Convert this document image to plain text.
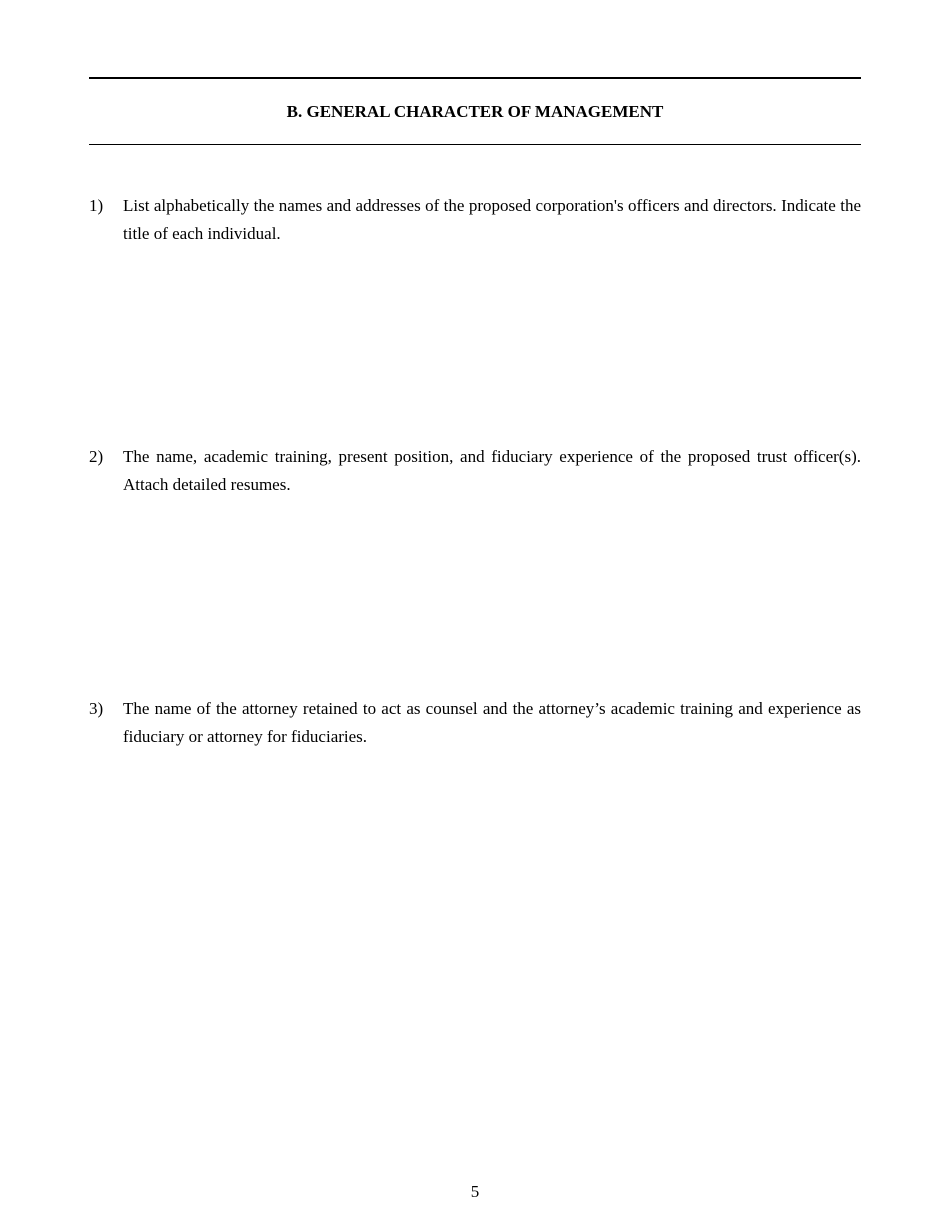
B. GENERAL CHARACTER OF MANAGEMENT
1)	List alphabetically the names and addresses of the proposed corporation's officers and directors. Indicate the title of each individual.
2)	The name, academic training, present position, and fiduciary experience of the proposed trust officer(s). Attach detailed resumes.
3)	The name of the attorney retained to act as counsel and the attorney’s academic training and experience as fiduciary or attorney for fiduciaries.
5
